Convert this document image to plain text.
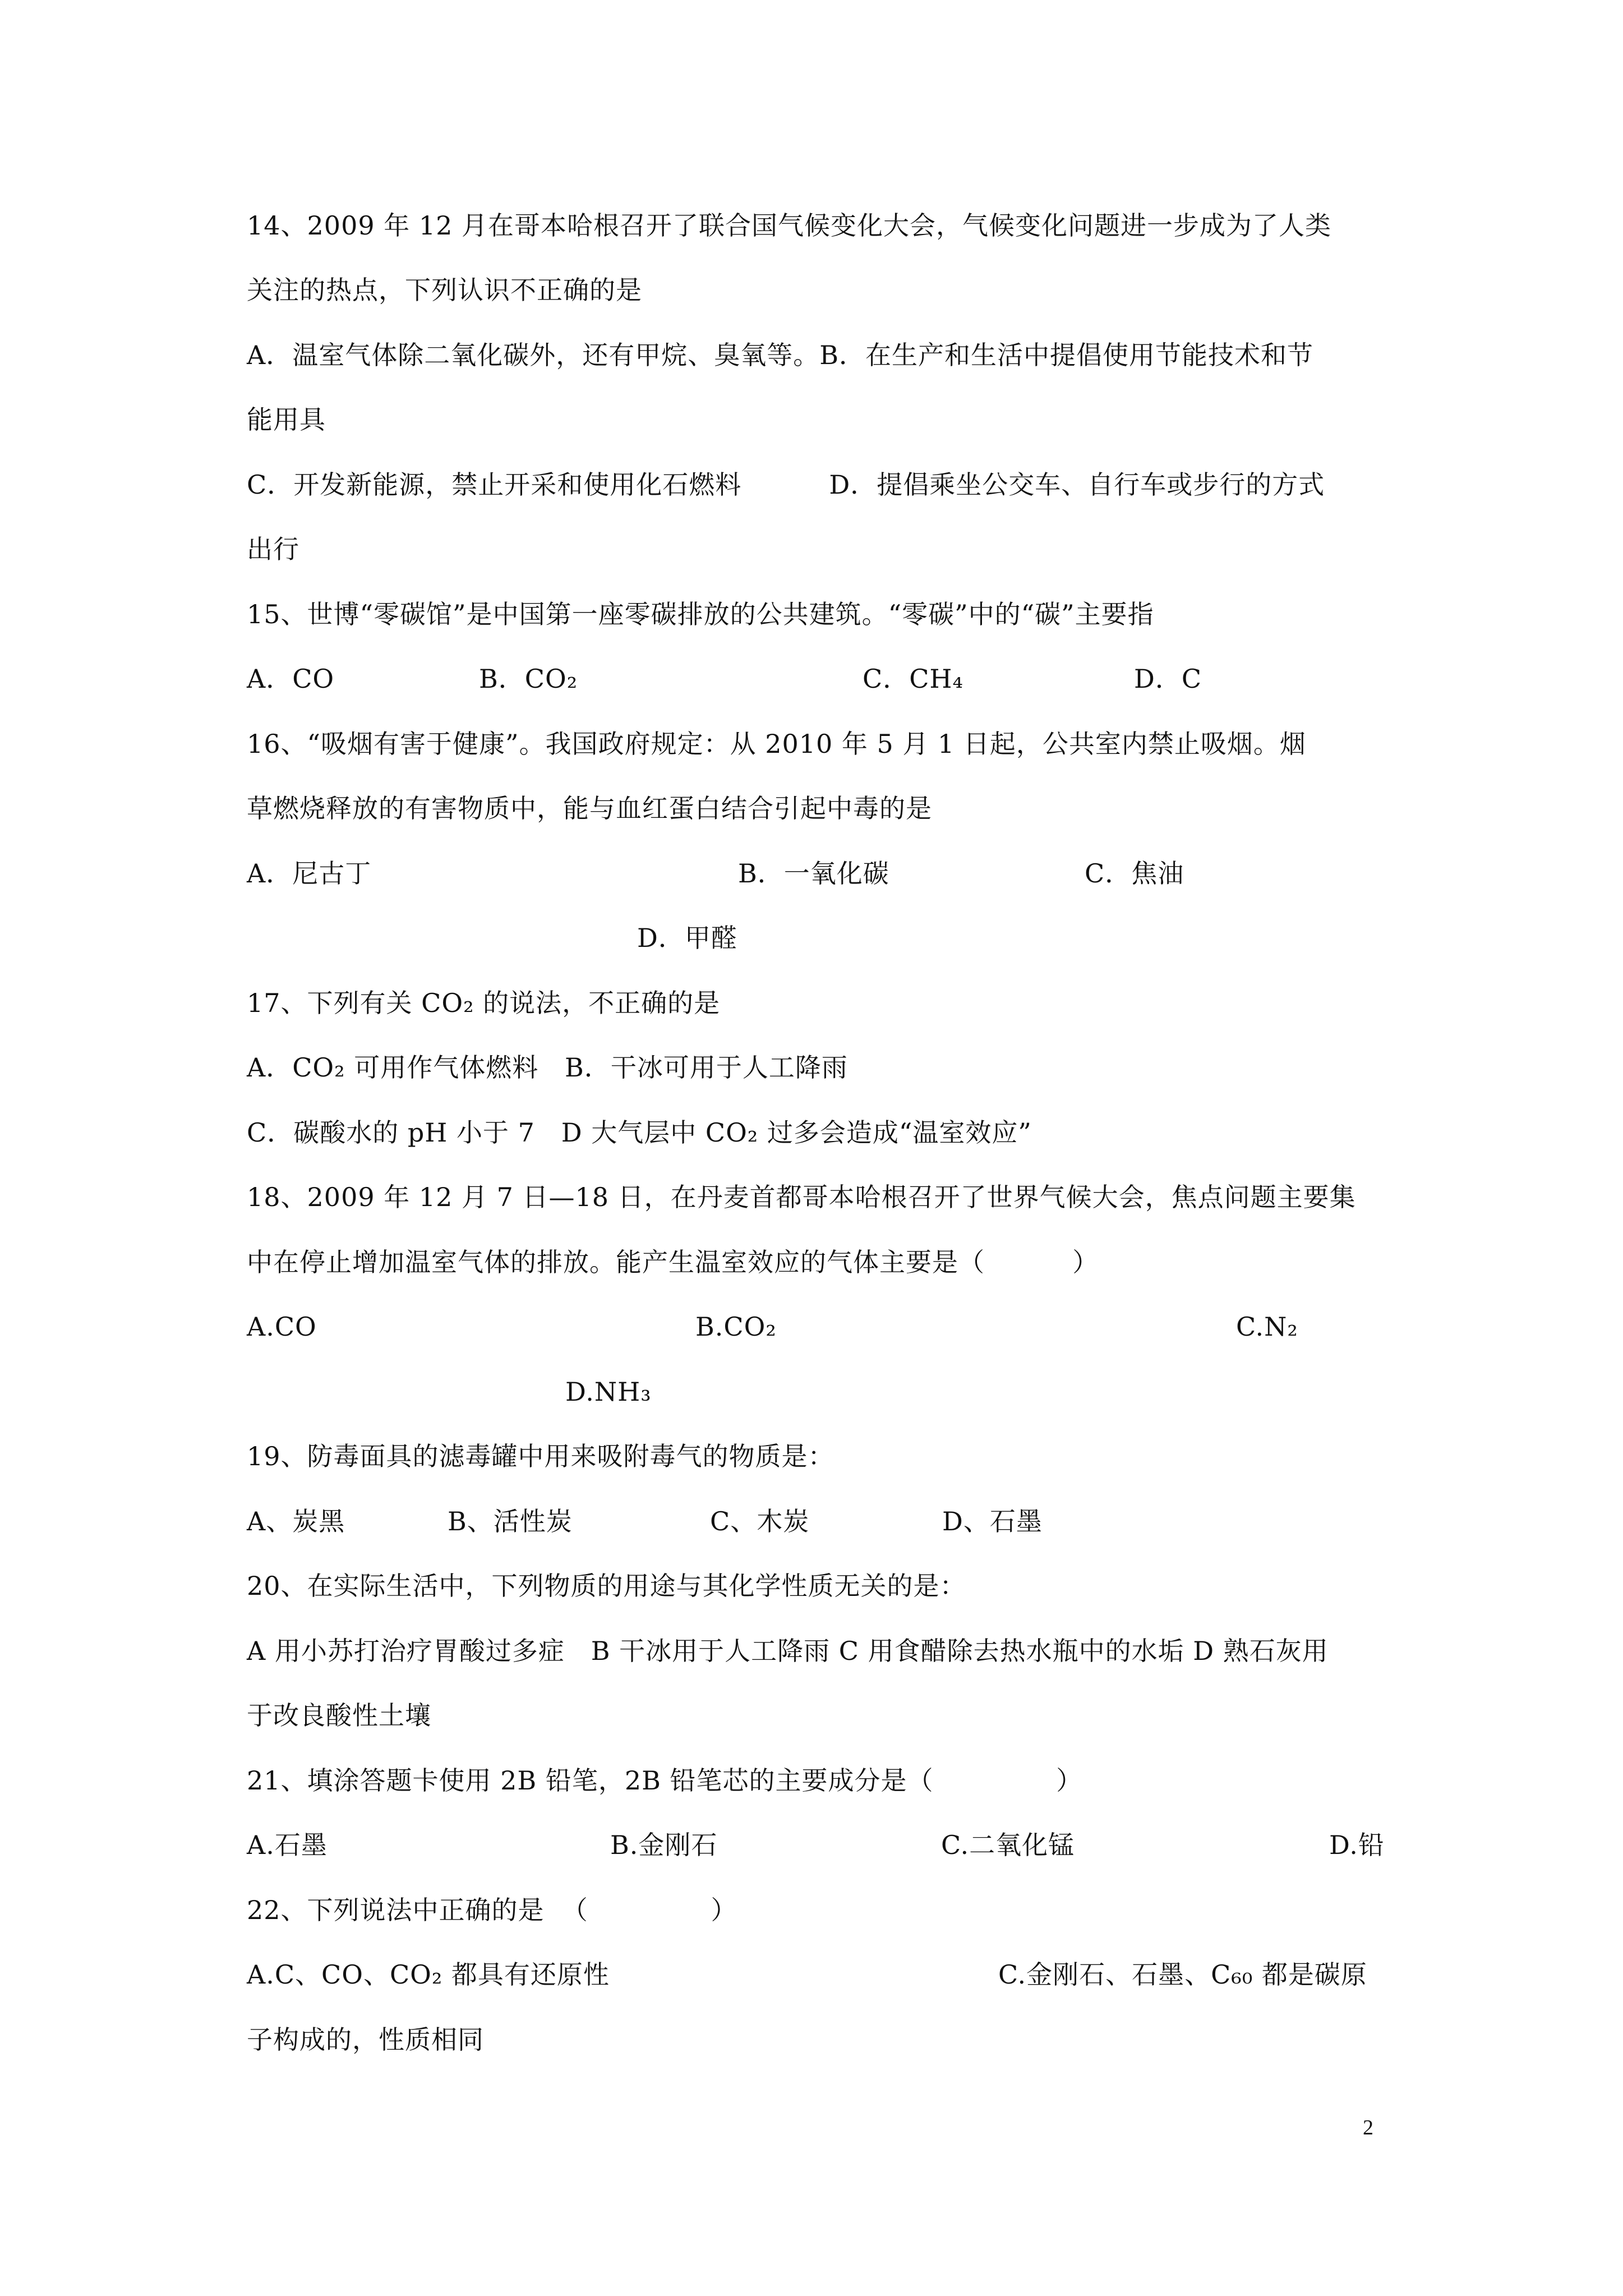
14、2009 年 12 月在哥本哈根召开了联合国气候变化大会，气候变化问题进一步成为了人类
关注的热点，下列认识不正确的是
A．温室气体除二氧化碳外，还有甲烷、臭氧等。B．在生产和生活中提倡使用节能技术和节
能用具
C．开发新能源，禁止开采和使用化石燃料          D．提倡乘坐公交车、自行车或步行的方式
出行
15、世博“零碳馆”是中国第一座零碳排放的公共建筑。“零碳”中的“碳”主要指
A．CO	B．CO₂	C．CH₄	D．C
16、“吸烟有害于健康”。我国政府规定：从 2010 年 5 月 1 日起，公共室内禁止吸烟。烟
草燃烧释放的有害物质中，能与血红蛋白结合引起中毒的是
A．尼古丁	B．一氧化碳	C．焦油
D．甲醛
17、下列有关 CO₂ 的说法，不正确的是
A．CO₂ 可用作气体燃料   B．干冰可用于人工降雨
C．碳酸水的 pH 小于 7   D 大气层中 CO₂ 过多会造成“温室效应”
18、2009 年 12 月 7 日—18 日，在丹麦首都哥本哈根召开了世界气候大会，焦点问题主要集
中在停止增加温室气体的排放。能产生温室效应的气体主要是（          ）
A.CO	B.CO₂	C.N₂
D.NH₃
19、防毒面具的滤毒罐中用来吸附毒气的物质是：
A、炭黑	B、活性炭	C、木炭	D、石墨
20、在实际生活中，下列物质的用途与其化学性质无关的是：
A 用小苏打治疗胃酸过多症   B 干冰用于人工降雨 C 用食醋除去热水瓶中的水垢 D 熟石灰用
于改良酸性土壤
21、填涂答题卡使用 2B 铅笔，2B 铅笔芯的主要成分是（              ）
A.石墨	B.金刚石	C.二氧化锰	D.铅
22、下列说法中正确的是  （              ）
A.C、CO、CO₂ 都具有还原性	C.金刚石、石墨、C₆₀ 都是碳原
子构成的，性质相同
2
